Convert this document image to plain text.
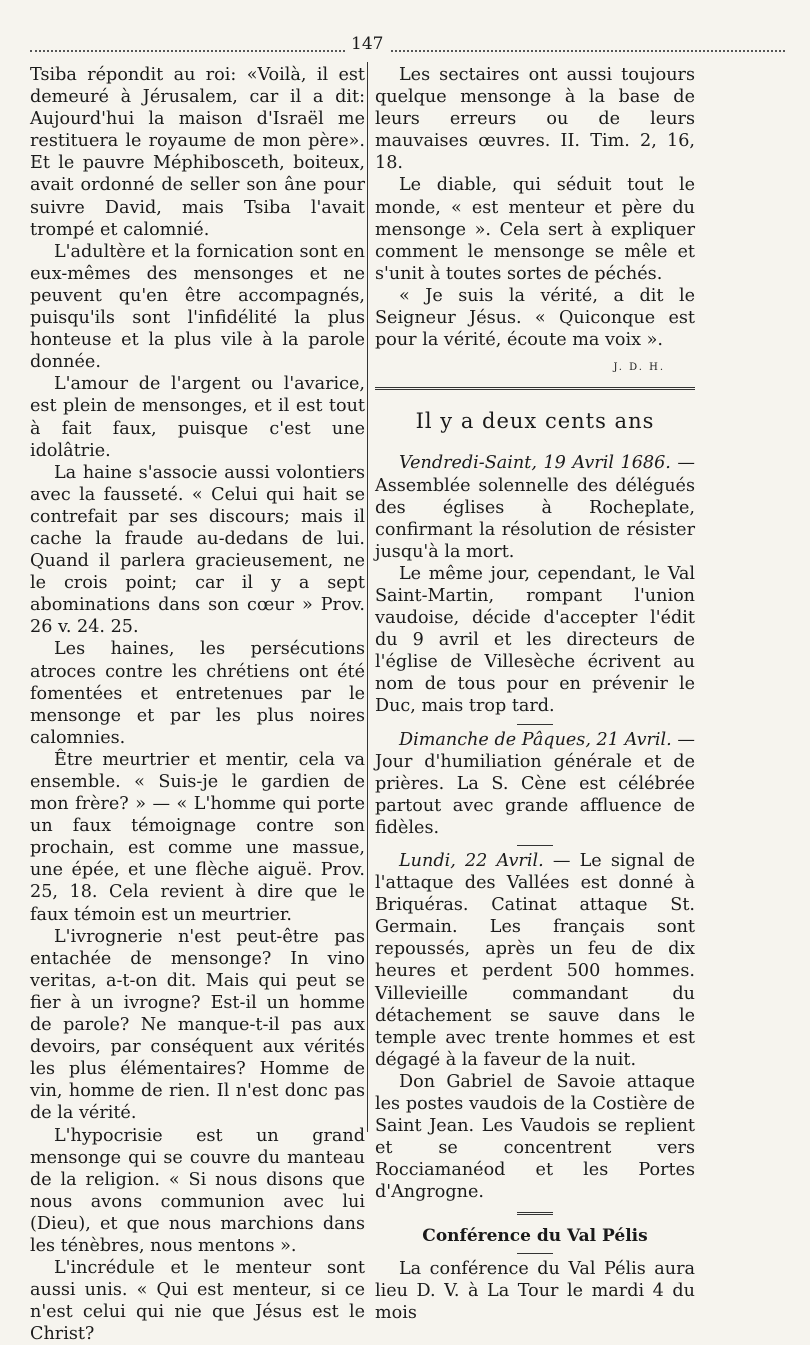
147

Tsiba répondit au roi: «Voilà, il est demeuré à Jérusalem, car il a dit: Aujourd'hui la maison d'Israël me restituera le royaume de mon père». Et le pauvre Méphibosceth, boiteux, avait ordonné de seller son âne pour suivre David, mais Tsiba l'avait trompé et calomnié.

L'adultère et la fornication sont en eux-mêmes des mensonges et ne peuvent qu'en être accompagnés, puisqu'ils sont l'infidélité la plus honteuse et la plus vile à la parole donnée.

L'amour de l'argent ou l'avarice, est plein de mensonges, et il est tout à fait faux, puisque c'est une idolâtrie.

La haine s'associe aussi volontiers avec la fausseté. « Celui qui hait se contrefait par ses discours; mais il cache la fraude au-dedans de lui. Quand il parlera gracieusement, ne le crois point; car il y a sept abominations dans son cœur » Prov. 26 v. 24. 25.

Les haines, les persécutions atroces contre les chrétiens ont été fomentées et entretenues par le mensonge et par les plus noires calomnies.

Être meurtrier et mentir, cela va ensemble. « Suis-je le gardien de mon frère? » — « L'homme qui porte un faux témoignage contre son prochain, est comme une massue, une épée, et une flèche aiguë. Prov. 25, 18. Cela revient à dire que le faux témoin est un meurtrier.

L'ivrognerie n'est peut-être pas entachée de mensonge? In vino veritas, a-t-on dit. Mais qui peut se fier à un ivrogne? Est-il un homme de parole? Ne manque-t-il pas aux devoirs, par conséquent aux vérités les plus élémentaires? Homme de vin, homme de rien. Il n'est donc pas de la vérité.

L'hypocrisie est un grand mensonge qui se couvre du manteau de la religion. « Si nous disons que nous avons communion avec lui (Dieu), et que nous marchions dans les ténèbres, nous mentons ».

L'incrédule et le menteur sont aussi unis. « Qui est menteur, si ce n'est celui qui nie que Jésus est le Christ?

Les sectaires ont aussi toujours quelque mensonge à la base de leurs erreurs ou de leurs mauvaises œuvres. II. Tim. 2, 16, 18.

Le diable, qui séduit tout le monde, « est menteur et père du mensonge ». Cela sert à expliquer comment le mensonge se mêle et s'unit à toutes sortes de péchés.

« Je suis la vérité, a dit le Seigneur Jésus. « Quiconque est pour la vérité, écoute ma voix ».

J. D. H.
Il y a deux cents ans

Vendredi-Saint, 19 Avril 1686. — Assemblée solennelle des délégués des églises à Rocheplate, confirmant la résolution de résister jusqu'à la mort.

Le même jour, cependant, le Val Saint-Martin, rompant l'union vaudoise, décide d'accepter l'édit du 9 avril et les directeurs de l'église de Villesèche écrivent au nom de tous pour en prévenir le Duc, mais trop tard.

Dimanche de Pâques, 21 Avril. — Jour d'humiliation générale et de prières. La S. Cène est célébrée partout avec grande affluence de fidèles.

Lundi, 22 Avril. — Le signal de l'attaque des Vallées est donné à Briquéras. Catinat attaque St. Germain. Les français sont repoussés, après un feu de dix heures et perdent 500 hommes. Villevieille commandant du détachement se sauve dans le temple avec trente hommes et est dégagé à la faveur de la nuit.

Don Gabriel de Savoie attaque les postes vaudois de la Costière de Saint Jean. Les Vaudois se replient et se concentrent vers Rocciamanéod et les Portes d'Angrogne.

Conférence du Val Pélis

La conférence du Val Pélis aura lieu D. V. à La Tour le mardi 4 du mois
